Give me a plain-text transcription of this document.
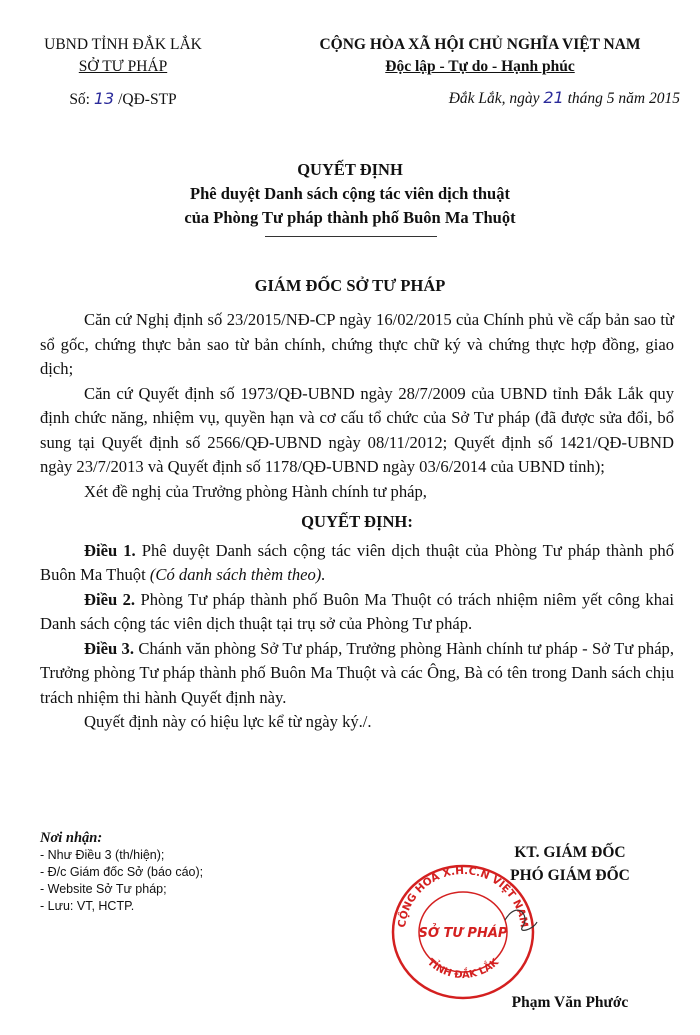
UBND TỈNH ĐẮK LẮK
SỞ TƯ PHÁP
Số: 13 /QĐ-STP
CỘNG HÒA XÃ HỘI CHỦ NGHĨA VIỆT NAM
Độc lập - Tự do - Hạnh phúc
Đắk Lắk, ngày 21 tháng 5 năm 2015
QUYẾT ĐỊNH
Phê duyệt Danh sách cộng tác viên dịch thuật
của Phòng Tư pháp thành phố Buôn Ma Thuột
GIÁM ĐỐC SỞ TƯ PHÁP

Căn cứ Nghị định số 23/2015/NĐ-CP ngày 16/02/2015 của Chính phủ về cấp bản sao từ sổ gốc, chứng thực bản sao từ bản chính, chứng thực chữ ký và chứng thực hợp đồng, giao dịch;

Căn cứ Quyết định số 1973/QĐ-UBND ngày 28/7/2009 của UBND tỉnh Đắk Lắk quy định chức năng, nhiệm vụ, quyền hạn và cơ cấu tổ chức của Sở Tư pháp (đã được sửa đổi, bổ sung tại Quyết định số 2566/QĐ-UBND ngày 08/11/2012; Quyết định số 1421/QĐ-UBND ngày 23/7/2013 và Quyết định số 1178/QĐ-UBND ngày 03/6/2014 của UBND tỉnh);

Xét đề nghị của Trưởng phòng Hành chính tư pháp,

QUYẾT ĐỊNH:

Điều 1. Phê duyệt Danh sách cộng tác viên dịch thuật của Phòng Tư pháp thành phố Buôn Ma Thuột (Có danh sách thèm theo).

Điều 2. Phòng Tư pháp thành phố Buôn Ma Thuột có trách nhiệm niêm yết công khai Danh sách cộng tác viên dịch thuật tại trụ sở của Phòng Tư pháp.

Điều 3. Chánh văn phòng Sở Tư pháp, Trưởng phòng Hành chính tư pháp - Sở Tư pháp, Trưởng phòng Tư pháp thành phố Buôn Ma Thuột và các Ông, Bà có tên trong Danh sách chịu trách nhiệm thi hành Quyết định này.

Quyết định này có hiệu lực kể từ ngày ký./.

Nơi nhận:
- Như Điều 3 (th/hiện);
- Đ/c Giám đốc Sở (báo cáo);
- Website Sở Tư pháp;
- Lưu: VT, HCTP.
KT. GIÁM ĐỐC
PHÓ GIÁM ĐỐC
CỘNG HÒA X.H.C.N VIỆT NAM
SỞ TƯ PHÁP
TỈNH ĐẮK LẮK
Phạm Văn Phước
